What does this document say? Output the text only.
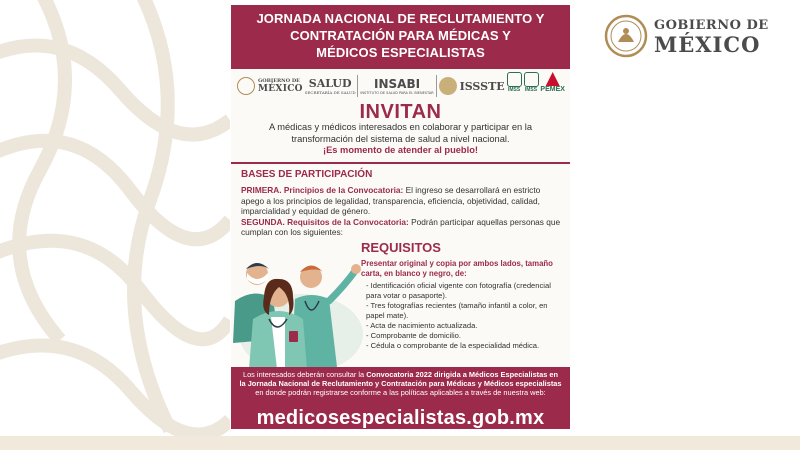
GOBIERNO DE
MÉXICO
JORNADA NACIONAL DE RECLUTAMIENTO Y
CONTRATACIÓN PARA MÉDICAS Y
MÉDICOS ESPECIALISTAS
GOBIERNO DE
MÉXICO SALUD
SECRETARÍA DE SALUD
INSABI
INSTITUTO DE SALUD PARA EL BIENESTAR
ISSSTE IMSS IMSS PEMEX
INVITAN
A médicas y médicos interesados en colaborar y participar en la
transformación del sistema de salud a nivel nacional.
¡Es momento de atender al pueblo!
BASES DE PARTICIPACIÓN
PRIMERA. Principios de la Convocatoria: El ingreso se desarrollará en estricto apego a los principios de legalidad, transparencia, eficiencia, objetividad, calidad, imparcialidad y equidad de género.
SEGUNDA. Requisitos de la Convocatoria: Podrán participar aquellas personas que cumplan con los siguientes:
REQUISITOS
Presentar original y copia por ambos lados, tamaño carta, en blanco y negro, de:
- Identificación oficial vigente con fotografía (credencial para votar o pasaporte).
- Tres fotografías recientes (tamaño infantil a color, en papel mate).
- Acta de nacimiento actualizada.
- Comprobante de domicilio.
- Cédula o comprobante de la especialidad médica.
Los interesados deberán consultar la Convocatoria 2022 dirigida a Médicos Especialistas en la Jornada Nacional de Reclutamiento y Contratación para Médicas y Médicos especialistas en donde podrán registrarse conforme a las políticas aplicables a través de nuestra web:
medicosespecialistas.gob.mx
